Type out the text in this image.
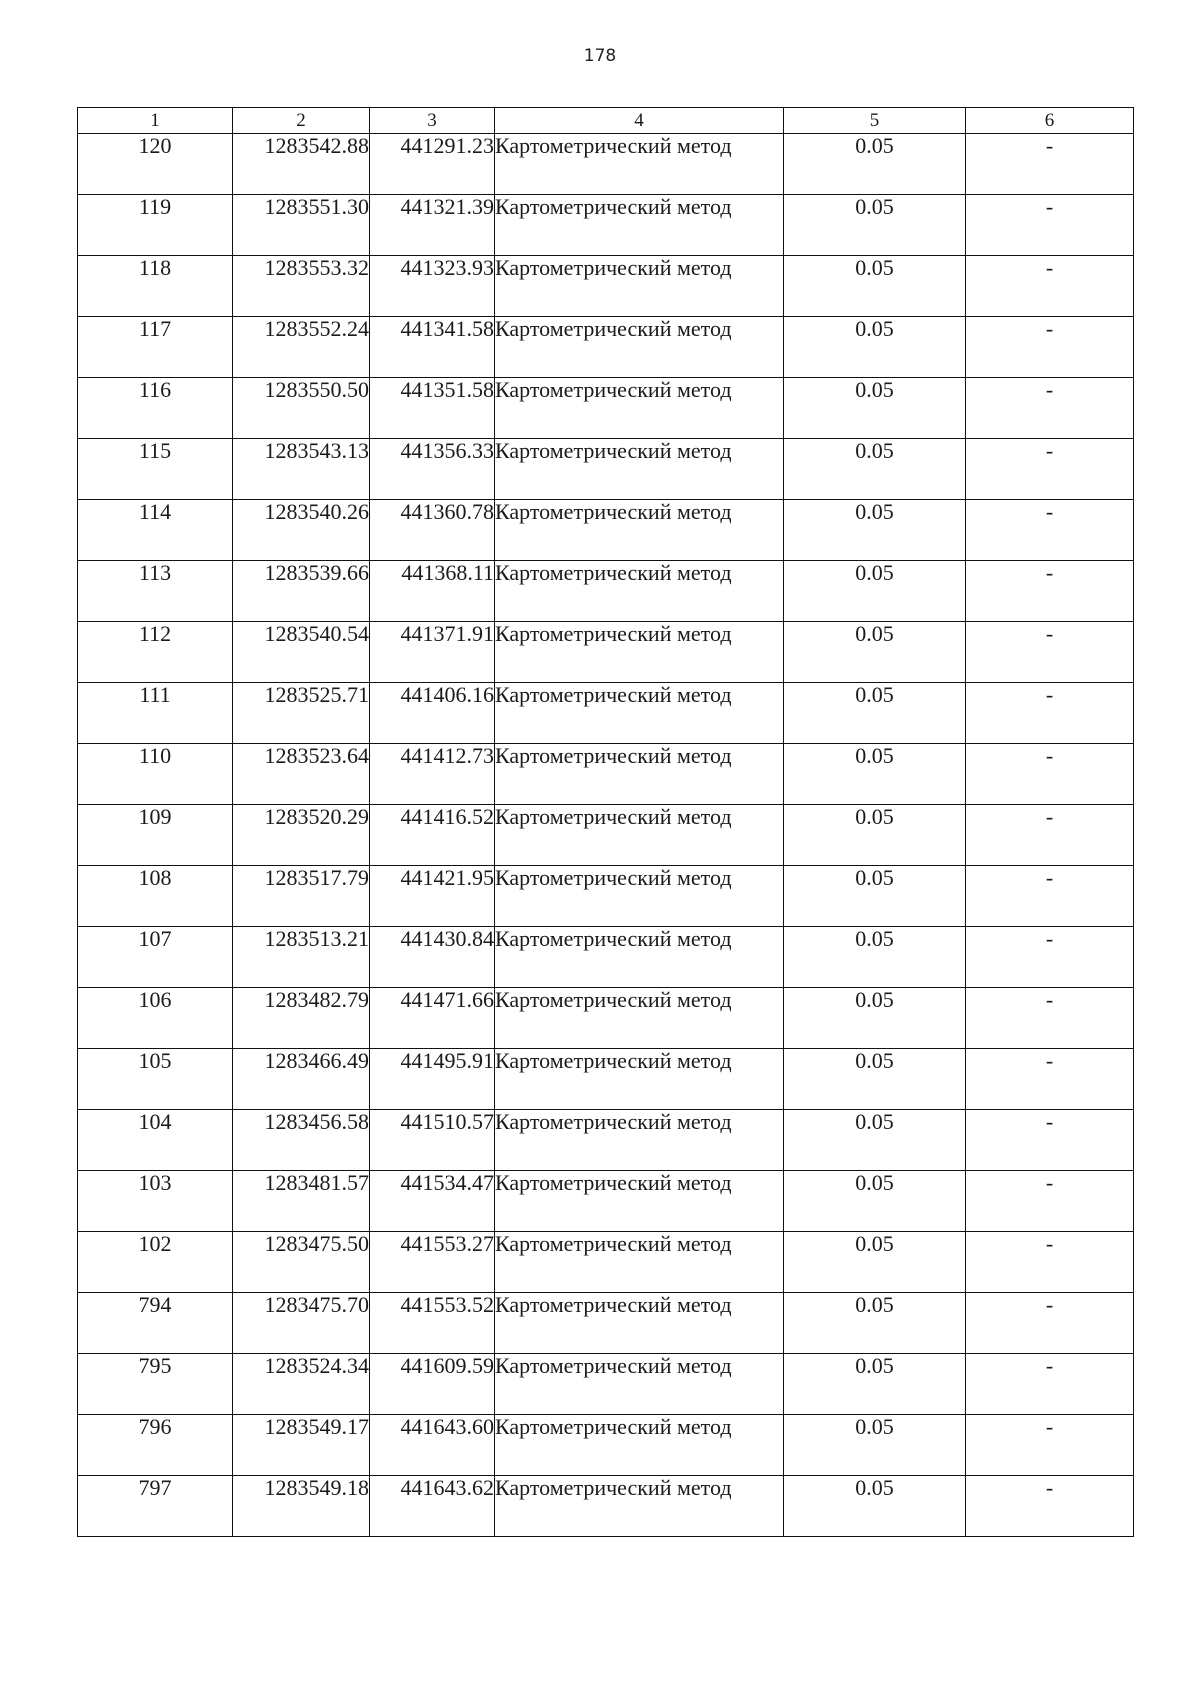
178
1	2	3	4	5	6
120	1283542.88	441291.23	Картометрический метод	0.05	-
119	1283551.30	441321.39	Картометрический метод	0.05	-
118	1283553.32	441323.93	Картометрический метод	0.05	-
117	1283552.24	441341.58	Картометрический метод	0.05	-
116	1283550.50	441351.58	Картометрический метод	0.05	-
115	1283543.13	441356.33	Картометрический метод	0.05	-
114	1283540.26	441360.78	Картометрический метод	0.05	-
113	1283539.66	441368.11	Картометрический метод	0.05	-
112	1283540.54	441371.91	Картометрический метод	0.05	-
111	1283525.71	441406.16	Картометрический метод	0.05	-
110	1283523.64	441412.73	Картометрический метод	0.05	-
109	1283520.29	441416.52	Картометрический метод	0.05	-
108	1283517.79	441421.95	Картометрический метод	0.05	-
107	1283513.21	441430.84	Картометрический метод	0.05	-
106	1283482.79	441471.66	Картометрический метод	0.05	-
105	1283466.49	441495.91	Картометрический метод	0.05	-
104	1283456.58	441510.57	Картометрический метод	0.05	-
103	1283481.57	441534.47	Картометрический метод	0.05	-
102	1283475.50	441553.27	Картометрический метод	0.05	-
794	1283475.70	441553.52	Картометрический метод	0.05	-
795	1283524.34	441609.59	Картометрический метод	0.05	-
796	1283549.17	441643.60	Картометрический метод	0.05	-
797	1283549.18	441643.62	Картометрический метод	0.05	-
